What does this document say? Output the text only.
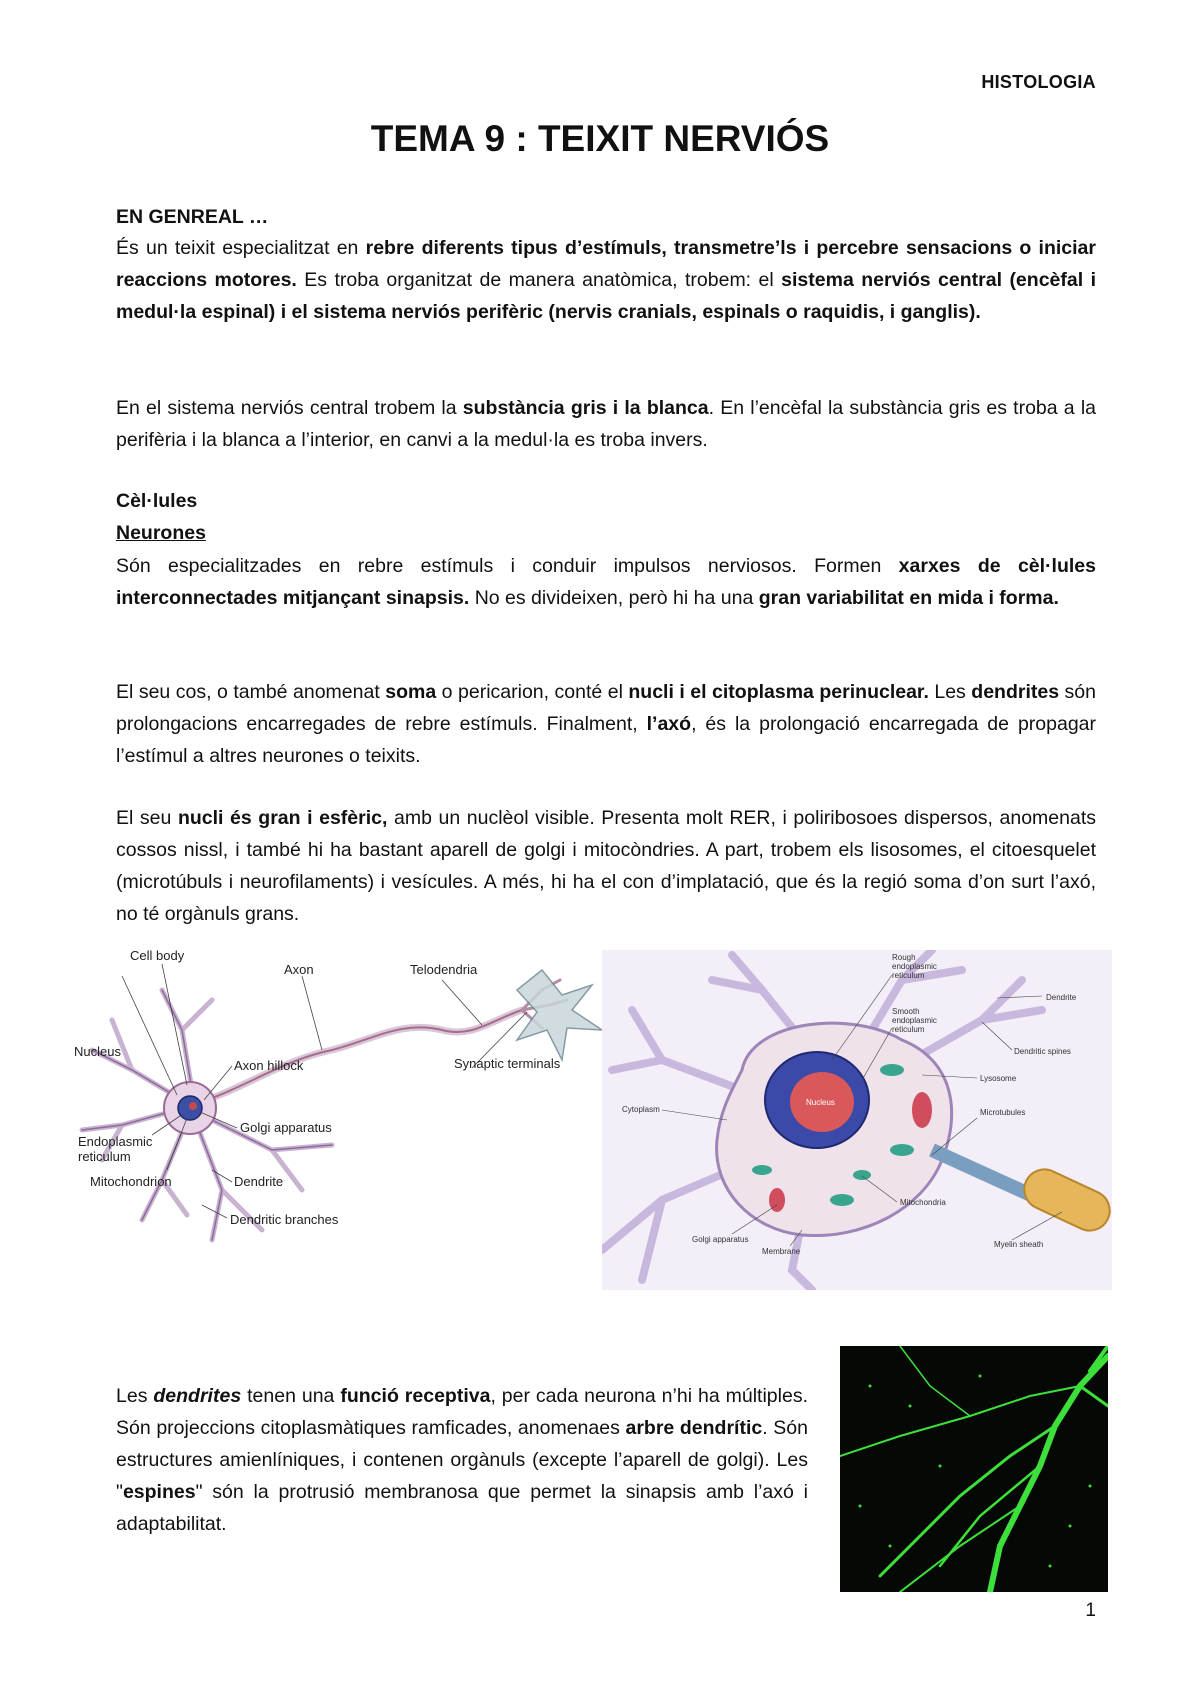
HISTOLOGIA
TEMA 9 : TEIXIT NERVIÓS
EN GENREAL …

És un teixit especialitzat en rebre diferents tipus d’estímuls, transmetre’ls i percebre sensacions o iniciar reaccions motores. Es troba organitzat de manera anatòmica, trobem: el sistema nerviós central (encèfal i medul·la espinal) i el sistema nerviós perifèric (nervis cranials, espinals o raquidis, i ganglis).

En el sistema nerviós central trobem la substància gris i la blanca. En l’encèfal la substància gris es troba a la perifèria i la blanca a l’interior, en canvi a la medul·la es troba invers.

Cèl·lules
Neurones

Són especialitzades en rebre estímuls i conduir impulsos nerviosos. Formen xarxes de cèl·lules interconnectades mitjançant sinapsis. No es divideixen, però hi ha una gran variabilitat en mida i forma.

El seu cos, o també anomenat soma o pericarion, conté el nucli i el citoplasma perinuclear. Les dendrites són prolongacions encarregades de rebre estímuls. Finalment, l’axó, és la prolongació encarregada de propagar l’estímul a altres neurones o teixits.

El seu nucli és gran i esfèric, amb un nuclèol visible. Presenta molt RER, i poliribosoes dispersos, anomenats cossos nissl, i també hi ha bastant aparell de golgi i mitocòndries. A part, trobem els lisosomes, el citoesquelet (microtúbuls i neurofilaments) i vesícules. A més, hi ha el con d’implatació, que és la regió soma d’on surt l’axó, no té orgànuls grans.

Cell body
Axon	Telodendria
Nucleus
Axon hillock	Synaptic terminals
Golgi apparatus
Endoplasmic
reticulum
Mitochondrion	Dendrite
Dendritic branches
Rough
endoplasmic
reticulum
Smooth
endoplasmic
reticulum
Dendrite
Dendritic spines
Lysosome
Microtubules
Nucleus
Cytoplasm
Mitochondria
Golgi apparatus
Membrane
Myelin sheath

Les dendrites tenen una funció receptiva, per cada neurona n’hi ha múltiples. Són projeccions citoplasmàtiques ramficades, anomenaes arbre dendrític. Són estructures amienlíniques, i contenen orgànuls (excepte l’aparell de golgi). Les "espines" són la protrusió membranosa que permet la sinapsis amb l’axó i adaptabilitat.

1
